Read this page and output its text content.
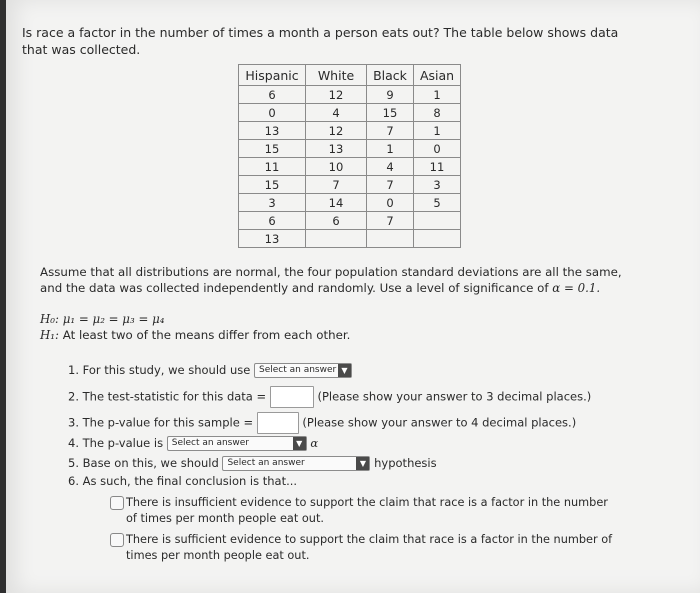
Is race a factor in the number of times a month a person eats out? The table below shows data that was collected.
Hispanic	White	Black	Asian
6	12	9	1
0	4	15	8
13	12	7	1
15	13	1	0
11	10	4	11
15	7	7	3
3	14	0	5
6	6	7	
13			
Assume that all distributions are normal, the four population standard deviations are all the same, and the data was collected independently and randomly. Use a level of significance of α = 0.1.
H₀: μ₁ = μ₂ = μ₃ = μ₄
H₁: At least two of the means differ from each other.
1. For this study, we should use Select an answer ▼
2. The test-statistic for this data =	(Please show your answer to 3 decimal places.)
3. The p-value for this sample =	(Please show your answer to 4 decimal places.)
4. The p-value is Select an answer	▼ α
5. Base on this, we should Select an answer	▼ hypothesis
6. As such, the final conclusion is that...
There is insufficient evidence to support the claim that race is a factor in the number of times per month people eat out.
There is sufficient evidence to support the claim that race is a factor in the number of times per month people eat out.
